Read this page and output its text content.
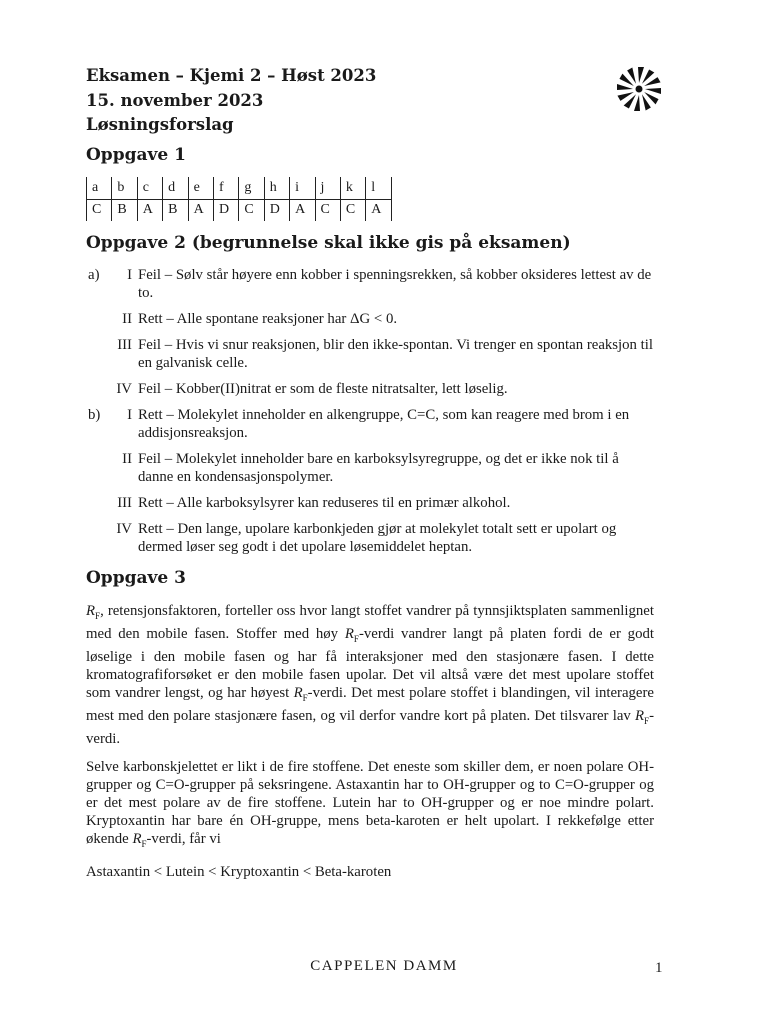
Eksamen – Kjemi 2 – Høst 2023
15. november 2023
Løsningsforslag
Oppgave 1
a	b	c	d	e	f	g	h	i	j	k	l
C	B	A	B	A	D	C	D	A	C	C	A
Oppgave 2 (begrunnelse skal ikke gis på eksamen)
a)	I Feil – Sølv står høyere enn kobber i spenningsrekken, så kobber oksideres lettest av de to.
II Rett – Alle spontane reaksjoner har ΔG < 0.
III Feil – Hvis vi snur reaksjonen, blir den ikke-spontan. Vi trenger en spontan reaksjon til en galvanisk celle.
IV Feil – Kobber(II)nitrat er som de fleste nitratsalter, lett løselig.
b)	I Rett – Molekylet inneholder en alkengruppe, C=C, som kan reagere med brom i en addisjonsreaksjon.
II Feil – Molekylet inneholder bare en karboksylsyregruppe, og det er ikke nok til å danne en kondensasjonspolymer.
III Rett – Alle karboksylsyrer kan reduseres til en primær alkohol.
IV Rett – Den lange, upolare karbonkjeden gjør at molekylet totalt sett er upolart og dermed løser seg godt i det upolare løsemiddelet heptan.
Oppgave 3

$R_F$, retensjonsfaktoren, forteller oss hvor langt stoffet vandrer på tynnsjiktsplaten sammenlignet med den mobile fasen. Stoffer med høy $R_F$-verdi vandrer langt på platen fordi de er godt løselige i den mobile fasen og har få interaksjoner med den stasjonære fasen. I dette kromatografiforsøket er den mobile fasen upolar. Det vil altså være det mest upolare stoffet som vandrer lengst, og har høyest $R_F$-verdi. Det mest polare stoffet i blandingen, vil interagere mest med den polare stasjonære fasen, og vil derfor vandre kort på platen. Det tilsvarer lav $R_F$-verdi.

Selve karbonskjelettet er likt i de fire stoffene. Det eneste som skiller dem, er noen polare OH-grupper og C=O-grupper på seksringene. Astaxantin har to OH-grupper og to C=O-grupper og er det mest polare av de fire stoffene. Lutein har to OH-grupper og er noe mindre polart. Kryptoxantin har bare én OH-gruppe, mens beta-karoten er helt upolart. I rekkefølge etter økende $R_F$-verdi, får vi

Astaxantin < Lutein < Kryptoxantin < Beta-karoten

CAPPELEN DAMM	1
